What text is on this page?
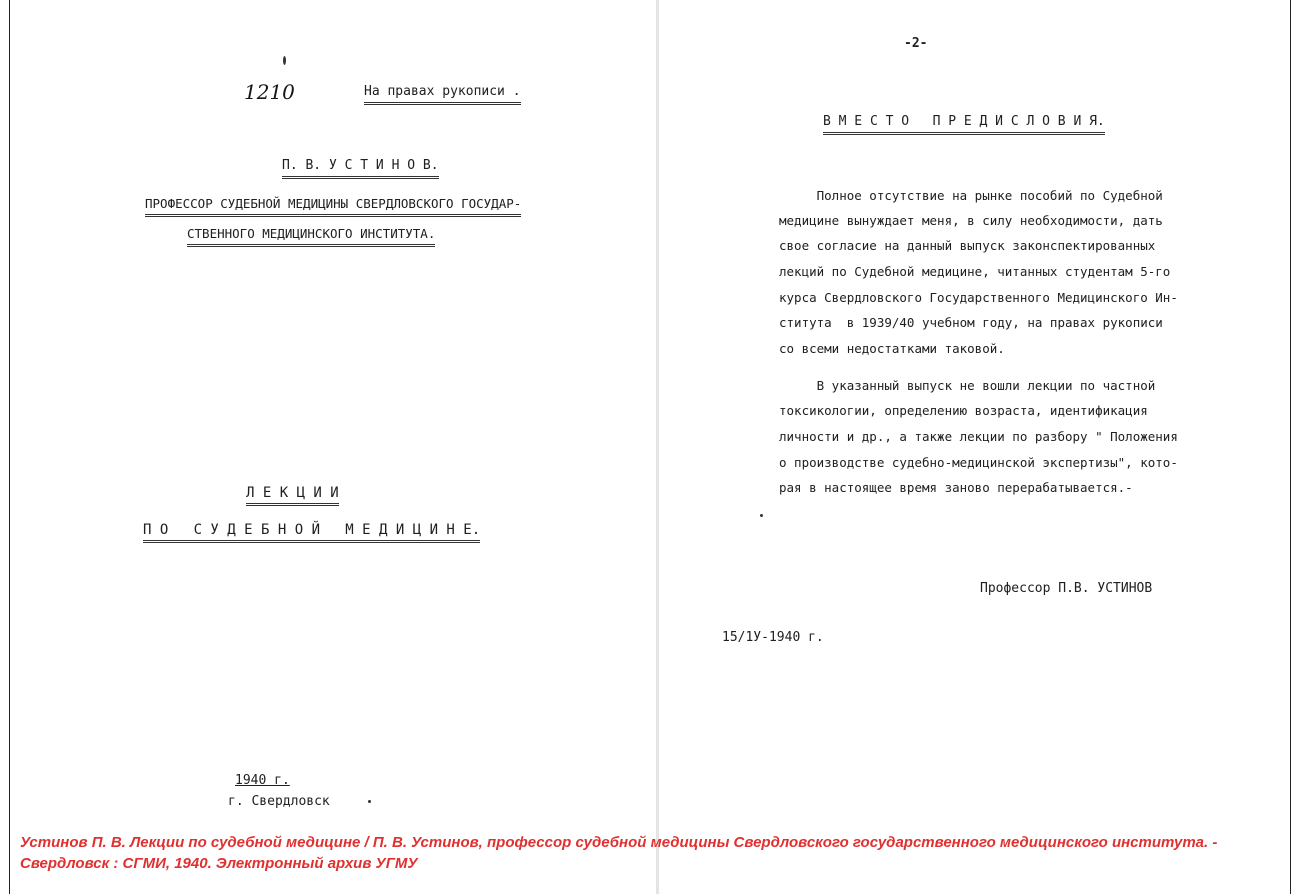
1210	На правах рукописи .

П. В. У С Т И Н О В.

ПРОФЕССОР СУДЕБНОЙ МЕДИЦИНЫ СВЕРДЛОВСКОГО ГОСУДАР-

СТВЕННОГО МЕДИЦИНСКОГО ИНСТИТУТА.

Л Е К Ц И И

П О   С У Д Е Б Н О Й   М Е Д И Ц И Н Е.

1940 г.

г. Свердловск

-2-

В М Е С Т О   П Р Е Д И С Л О В И Я.

Полное отсутствие на рынке пособий по Судебной

медицине вынуждает меня, в силу необходимости, дать

свое согласие на данный выпуск законспектированных

лекций по Судебной медицине, читанных студентам 5-го

курса Свердловского Государственного Медицинского Ин-

ститута  в 1939/40 учебном году, на правах рукописи

со всеми недостатками таковой.

В указанный выпуск не вошли лекции по частной

токсикологии, определению возраста, идентификация

личности и др., а также лекции по разбору " Положения

о производстве судебно-медицинской экспертизы", кото-

рая в настоящее время заново перерабатывается.-

Профессор П.В. УСТИНОВ

15/1У-1940 г.

Устинов П. В. Лекции по судебной медицине / П. В. Устинов, профессор судебной медицины Свердловского государственного медицинского института. - Свердловск : СГМИ, 1940. Электронный архив УГМУ
